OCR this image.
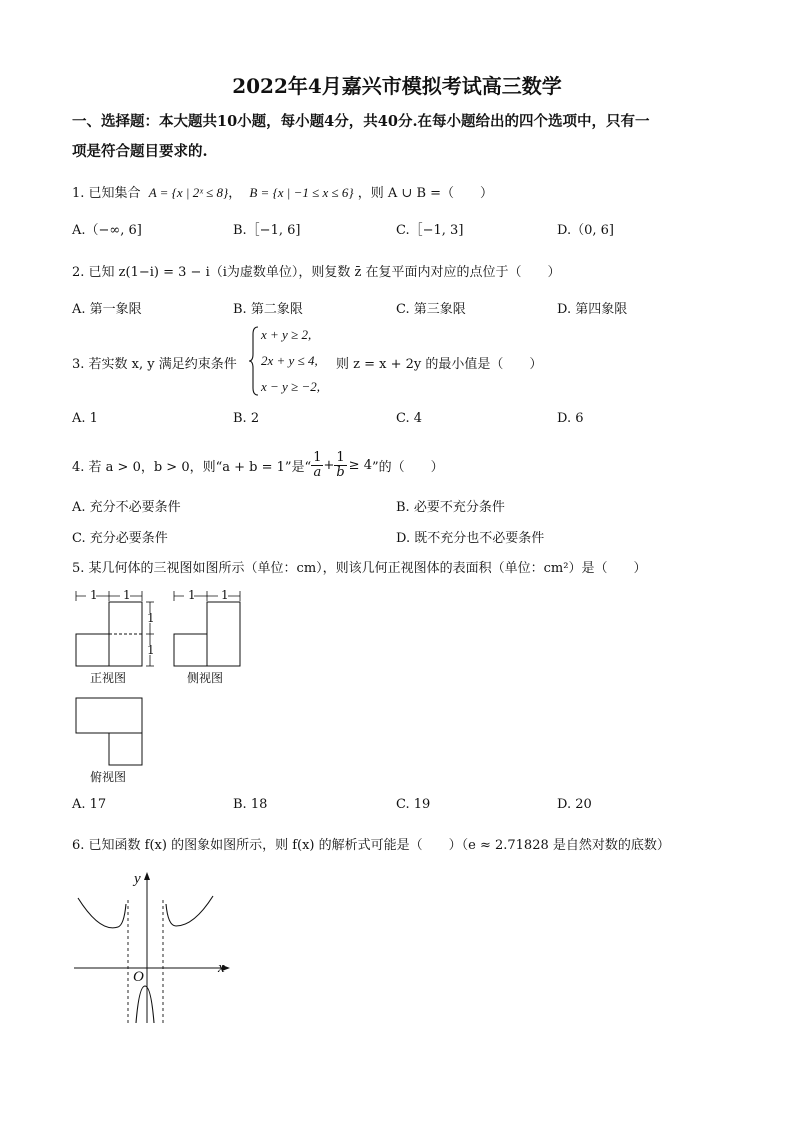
2022年4月嘉兴市模拟考试高三数学
一、选择题：本大题共10小题，每小题4分，共40分.在每小题给出的四个选项中，只有一
项是符合题目要求的.
1. 已知集合 A = {x | 2ˣ ≤ 8}， B = {x | −1 ≤ x ≤ 6} ，则 A ∪ B =（　　）
A.（−∞, 6]	B.［−1, 6]	C.［−1, 3]	D.（0, 6]
2. 已知 z(1−i) = 3 − i（i为虚数单位），则复数 z̄ 在复平面内对应的点位于（　　）
A. 第一象限	B. 第二象限	C. 第三象限	D. 第四象限
3. 若实数 x, y 满足约束条件
x + y ≥ 2,
2x + y ≤ 4,
x − y ≥ −2,
则 z = x + 2y 的最小值是（　　）
A. 1	B. 2	C. 4	D. 6
4. 若 a > 0，b > 0，则“a + b = 1”是“ $\frac{1}{a} + \frac{1}{b} \ge 4$”的（　　）
A. 充分不必要条件	B. 必要不充分条件
C. 充分必要条件	D. 既不充分也不必要条件
5. 某几何体的三视图如图所示（单位：cm），则该几何正视图体的表面积（单位：cm²）是（　　）
1 1
1
1
正视图
1 1
侧视图
俯视图
A. 17	B. 18	C. 19	D. 20
6. 已知函数 f(x) 的图象如图所示，则 f(x) 的解析式可能是（　　）（e ≈ 2.71828 是自然对数的底数）
x
y
O
